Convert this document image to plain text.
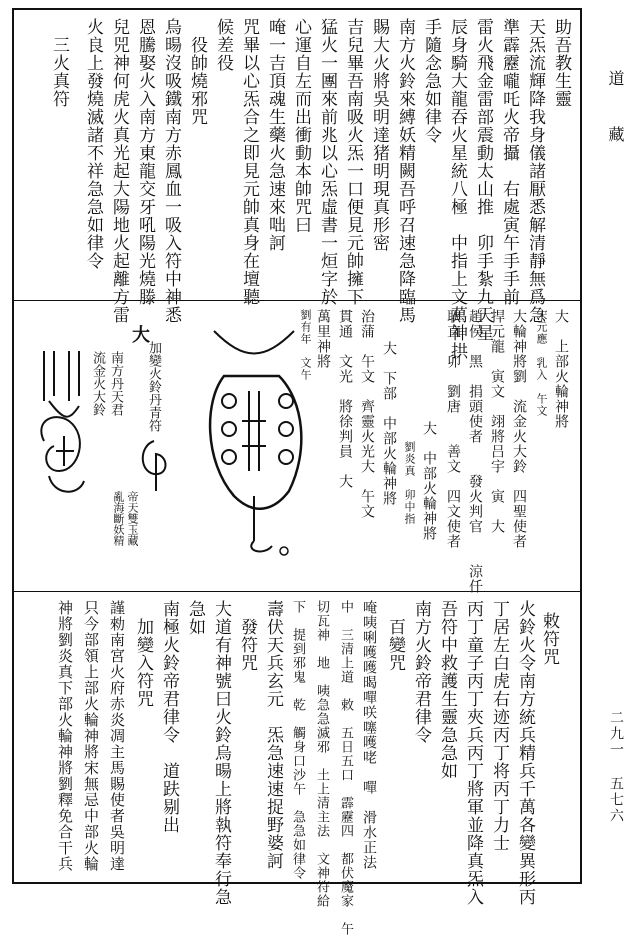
助吾教生靈
天炁流輝降我身儀諸厭悉解清靜無爲急
準霹靂嚨吒火帝攝　右處寅午手手前
雷火飛金雷部震動太山推　卯手紮九天星
辰身騎大龍吞火星統八極　中指上文萬神拱
手隨念急如律令
南方火鈴來縛妖精闕吾呼召速急降臨馬
賜大火將吳明達猪明現真形密
吉兒畢吾南吸火炁一口便見元帥擁下
猛火一團來前兆以心炁虛書一烜字於
心運自左而出衝動本帥咒曰
唵一吉頂魂生藥火急速來咄訶
咒畢以心炁合之即見元帥真身在壇聽
候差役
　役帥燒邪咒
烏暘沒吸鐵南方赤鳳血一吸入符中神悉
恩騰娶火入南方東龍交牙吼陽光燒滕
兒兕神何虎火真光起大陽地火起離方雷
火良上發燒滅諸不祥急急如律令
　三火真符
大　上部火輪神將
宋元應　乳入　午文
大輪神將劉　流金火大鈴　四聖使者
捍元龍　寅文　翊將吕宇　寅　大
趙侯　黑　捐頭使者　　發火判官　　涼仟
耿直　卯　劉唐　　善文　四文使者
大　中部火輪神將
劉炎真　卯中指
大　下部　中部火輪神將
治蒲　午文　齊靈火光大　午文
貫通　文光　將徐判員　大
萬里神將
劉有年　文午
加變火鈴丹青符
帝天雙玉藏
亂海斷妖精
大
南方丹天君
流金火大鈴
敕符咒
火鈴火令南方統兵精兵千萬各變異形丙
丁居左白虎右迹丙丁将丙丁力士
丙丁童子丙丁夾兵丙丁將軍並降真炁入
吾符中救護生靈急急如
南方火鈴帝君律令
　百變咒
唵咦唎嚄嚄暍嘽咲噻嚄咾　嘽　滑水正法
中　三清上道　敕　五日五口　霹靂四　都伏魔家　午
切瓦神　地　咦急急滅邪　土上清主法　文神符給
下　提到邪鬼　乾　觸身口沙午　急急如律令
壽伏天兵玄元　炁急速速捉野婆訶
　發符咒
大道有神號曰火鈴烏暘上將執符奉行急
急如
南極火鈴帝君律令　道趺剔出
　加變入符咒
謹勑南宮火府赤炎凋主馬賜使者吳明達
只今部領上部火輪神將宋無忌中部火輪
神將劉炎真下部火輪神將劉釋免合干兵
道　藏
二九一 五七六
